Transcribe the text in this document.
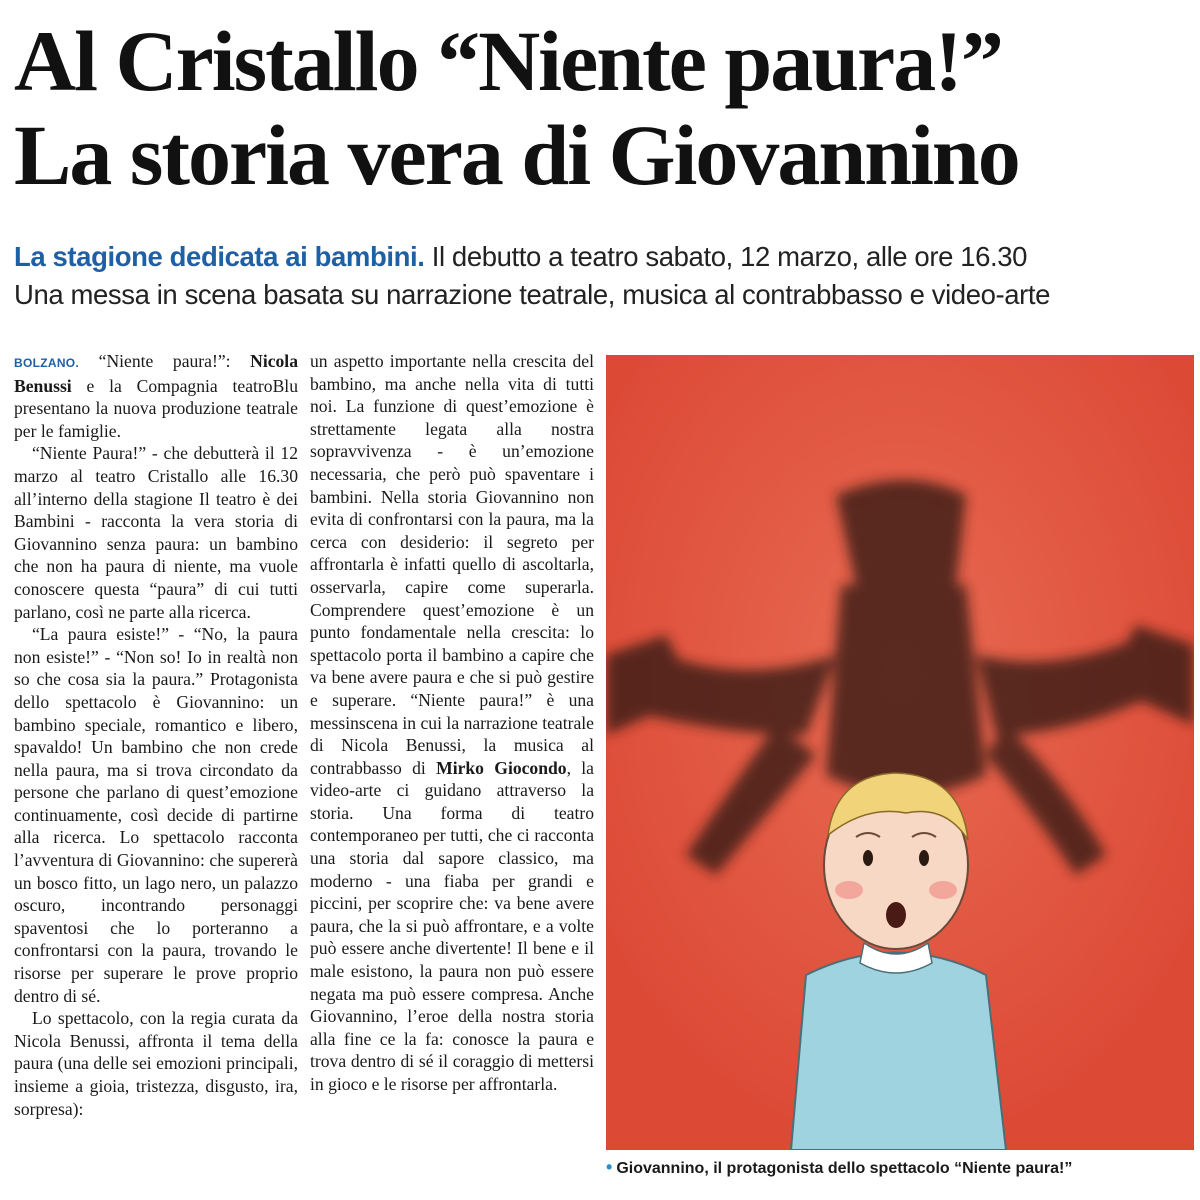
Al Cristallo “Niente paura!”
La storia vera di Giovannino
La stagione dedicata ai bambini. Il debutto a teatro sabato, 12 marzo, alle ore 16.30
Una messa in scena basata su narrazione teatrale, musica al contrabbasso e video-arte

BOLZANO. “Niente paura!”: Nicola Benussi e la Compagnia teatroBlu presentano la nuova produzione teatrale per le famiglie.

“Niente Paura!” - che debutterà il 12 marzo al teatro Cristallo alle 16.30 all’interno della stagione Il teatro è dei Bambini - racconta la vera storia di Giovannino senza paura: un bambino che non ha paura di niente, ma vuole conoscere questa “paura” di cui tutti parlano, così ne parte alla ricerca.

“La paura esiste!” - “No, la paura non esiste!” - “Non so! Io in realtà non so che cosa sia la paura.” Protagonista dello spettacolo è Giovannino: un bambino speciale, romantico e libero, spavaldo! Un bambino che non crede nella paura, ma si trova circondato da persone che parlano di quest’emozione continuamente, così decide di partirne alla ricerca. Lo spettacolo racconta l’avventura di Giovannino: che supererà un bosco fitto, un lago nero, un palazzo oscuro, incontrando personaggi spaventosi che lo porteranno a confrontarsi con la paura, trovando le risorse per superare le prove proprio dentro di sé.

Lo spettacolo, con la regia curata da Nicola Benussi, affronta il tema della paura (una delle sei emozioni principali, insieme a gioia, tristezza, disgusto, ira, sorpresa):

un aspetto importante nella crescita del bambino, ma anche nella vita di tutti noi. La funzione di quest’emozione è strettamente legata alla nostra sopravvivenza - è un’emozione necessaria, che però può spaventare i bambini. Nella storia Giovannino non evita di confrontarsi con la paura, ma la cerca con desiderio: il segreto per affrontarla è infatti quello di ascoltarla, osservarla, capire come superarla. Comprendere quest’emozione è un punto fondamentale nella crescita: lo spettacolo porta il bambino a capire che va bene avere paura e che si può gestire e superare. “Niente paura!” è una messinscena in cui la narrazione teatrale di Nicola Benussi, la musica al contrabbasso di Mirko Giocondo, la video-arte ci guidano attraverso la storia. Una forma di teatro contemporaneo per tutti, che ci racconta una storia dal sapore classico, ma moderno - una fiaba per grandi e piccini, per scoprire che: va bene avere paura, che la si può affrontare, e a volte può essere anche divertente! Il bene e il male esistono, la paura non può essere negata ma può essere compresa. Anche Giovannino, l’eroe della nostra storia alla fine ce la fa: conosce la paura e trova dentro di sé il coraggio di mettersi in gioco e le risorse per affrontarla.

• Giovannino, il protagonista dello spettacolo “Niente paura!”
